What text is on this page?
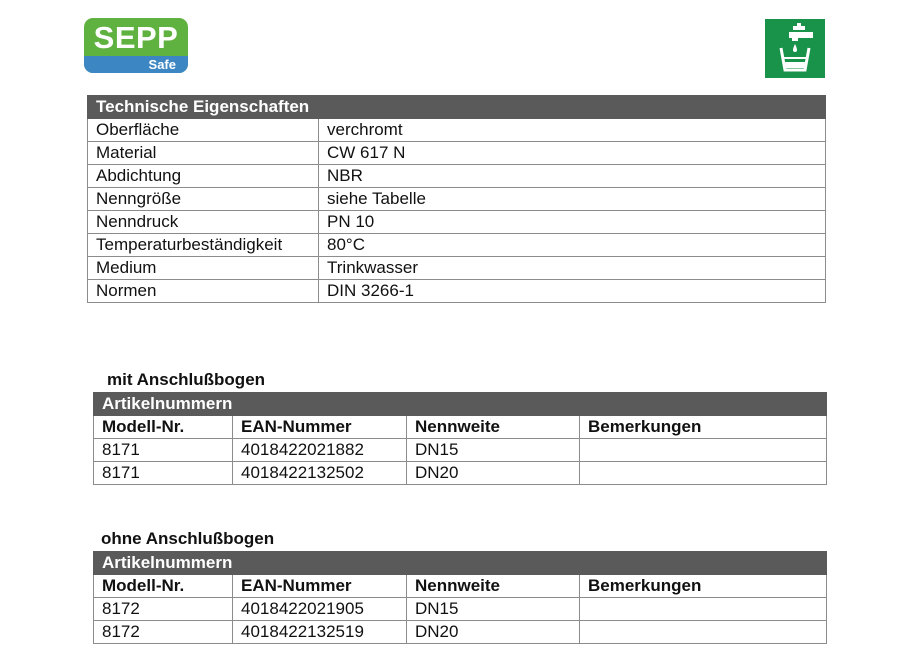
SEPP
Safe
Technische Eigenschaften	
Oberfläche	verchromt
Material	CW 617 N
Abdichtung	NBR
Nenngröße	siehe Tabelle
Nenndruck	PN 10
Temperaturbeständigkeit	80°C
Medium	Trinkwasser
Normen	DIN 3266-1
mit Anschlußbogen
Artikelnummern			
Modell-Nr.	EAN-Nummer	Nennweite	Bemerkungen
8171	4018422021882	DN15	
8171	4018422132502	DN20	
ohne Anschlußbogen
Artikelnummern			
Modell-Nr.	EAN-Nummer	Nennweite	Bemerkungen
8172	4018422021905	DN15	
8172	4018422132519	DN20	
